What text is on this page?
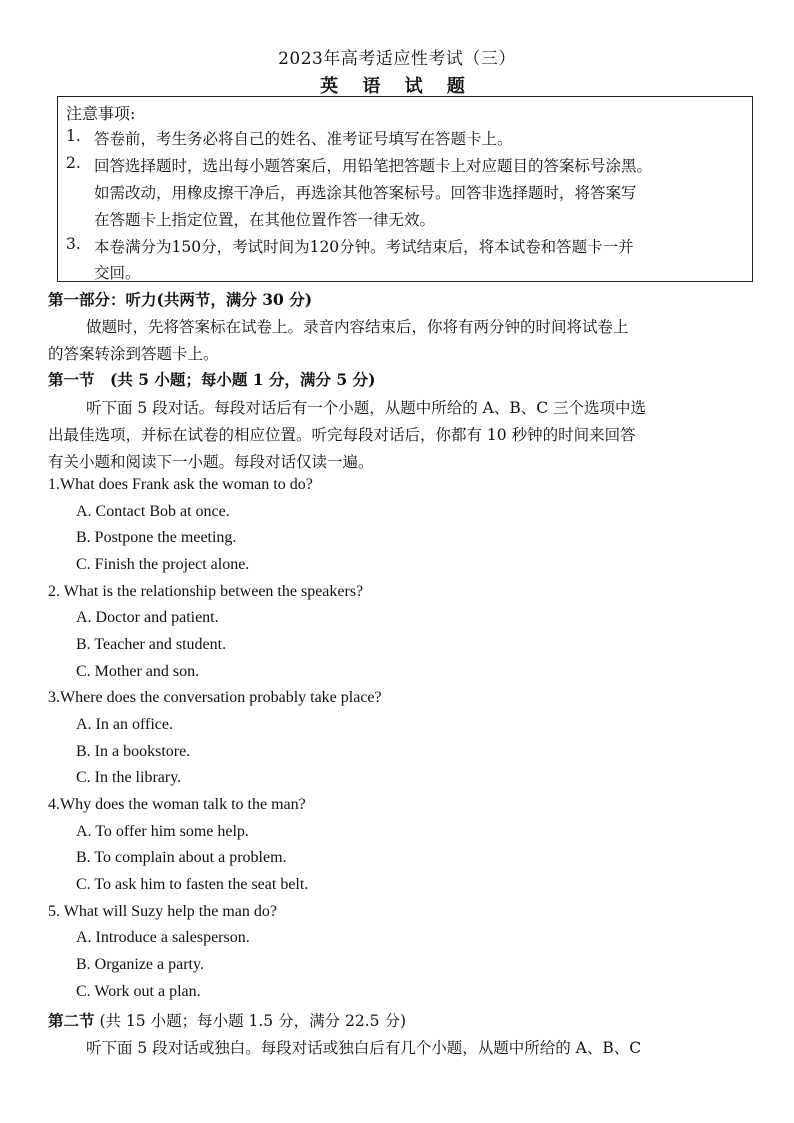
2023年高考适应性考试（三）
英 语 试 题
注意事项:
1. 答卷前，考生务必将自己的姓名、准考证号填写在答题卡上。
2. 回答选择题时，选出每小题答案后，用铅笔把答题卡上对应题目的答案标号涂黑。
如需改动，用橡皮擦干净后，再选涂其他答案标号。回答非选择题时，将答案写
在答题卡上指定位置，在其他位置作答一律无效。
3. 本卷满分为150分，考试时间为120分钟。考试结束后，将本试卷和答题卡一并
交回。
第一部分：听力(共两节，满分 30 分)
做题时，先将答案标在试卷上。录音内容结束后，你将有两分钟的时间将试卷上
的答案转涂到答题卡上。
第一节　(共 5 小题；每小题 1 分，满分 5 分)
听下面 5 段对话。每段对话后有一个小题，从题中所给的 A、B、C 三个选项中选
出最佳选项，并标在试卷的相应位置。听完每段对话后，你都有 10 秒钟的时间来回答
有关小题和阅读下一小题。每段对话仅读一遍。
1.What does Frank ask the woman to do?
A. Contact Bob at once.
B. Postpone the meeting.
C. Finish the project alone.
2. What is the relationship between the speakers?
A. Doctor and patient.
B. Teacher and student.
C. Mother and son.
3.Where does the conversation probably take place?
A. In an office.
B. In a bookstore.
C. In the library.
4.Why does the woman talk to the man?
A. To offer him some help.
B. To complain about a problem.
C. To ask him to fasten the seat belt.
5. What will Suzy help the man do?
A. Introduce a salesperson.
B. Organize a party.
C. Work out a plan.
第二节 (共 15 小题；每小题 1.5 分，满分 22.5 分)
听下面 5 段对话或独白。每段对话或独白后有几个小题，从题中所给的 A、B、C
